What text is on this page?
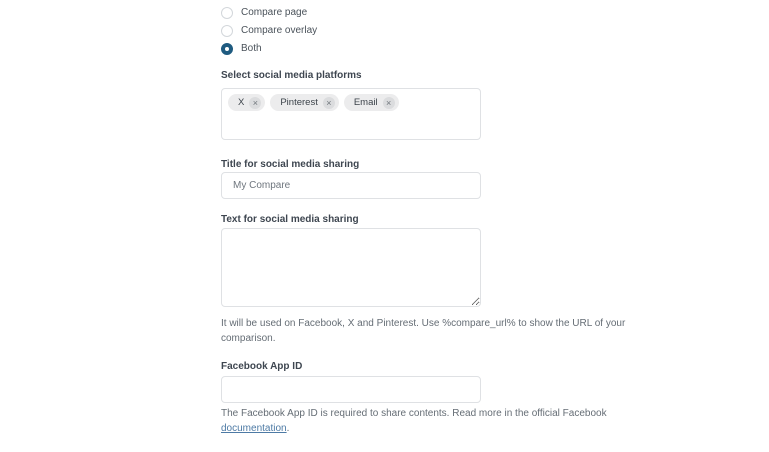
Compare page
Compare overlay
Both
Select social media platforms
X ×	Pinterest ×	Email ×
Title for social media sharing
My Compare
Text for social media sharing
It will be used on Facebook, X and Pinterest. Use %compare_url% to show the URL of your comparison.
Facebook App ID
The Facebook App ID is required to share contents. Read more in the official Facebook documentation.
